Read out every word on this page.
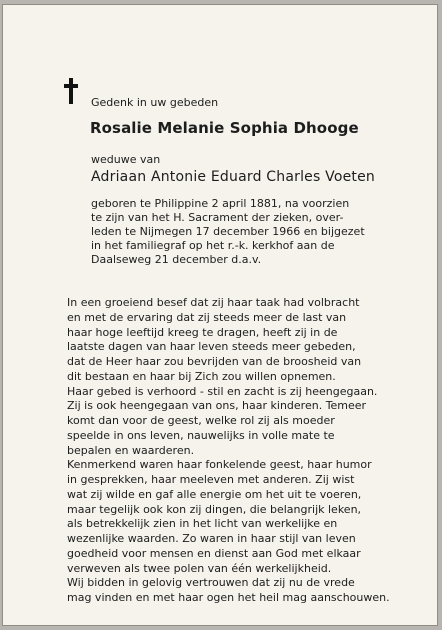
Gedenk in uw gebeden
Rosalie Melanie Sophia Dhooge
weduwe van
Adriaan Antonie Eduard Charles Voeten
geboren te Philippine 2 april 1881, na voorzien
te zijn van het H. Sacrament der zieken, over-
leden te Nijmegen 17 december 1966 en bijgezet
in het familiegraf op het r.-k. kerkhof aan de
Daalseweg 21 december d.a.v.
In een groeiend besef dat zij haar taak had volbracht
en met de ervaring dat zij steeds meer de last van
haar hoge leeftijd kreeg te dragen, heeft zij in de
laatste dagen van haar leven steeds meer gebeden,
dat de Heer haar zou bevrijden van de broosheid van
dit bestaan en haar bij Zich zou willen opnemen.
Haar gebed is verhoord - stil en zacht is zij heengegaan.
Zij is ook heengegaan van ons, haar kinderen. Temeer
komt dan voor de geest, welke rol zij als moeder
speelde in ons leven, nauwelijks in volle mate te
bepalen en waarderen.
Kenmerkend waren haar fonkelende geest, haar humor
in gesprekken, haar meeleven met anderen. Zij wist
wat zij wilde en gaf alle energie om het uit te voeren,
maar tegelijk ook kon zij dingen, die belangrijk leken,
als betrekkelijk zien in het licht van werkelijke en
wezenlijke waarden. Zo waren in haar stijl van leven
goedheid voor mensen en dienst aan God met elkaar
verweven als twee polen van één werkelijkheid.
Wij bidden in gelovig vertrouwen dat zij nu de vrede
mag vinden en met haar ogen het heil mag aanschouwen.
